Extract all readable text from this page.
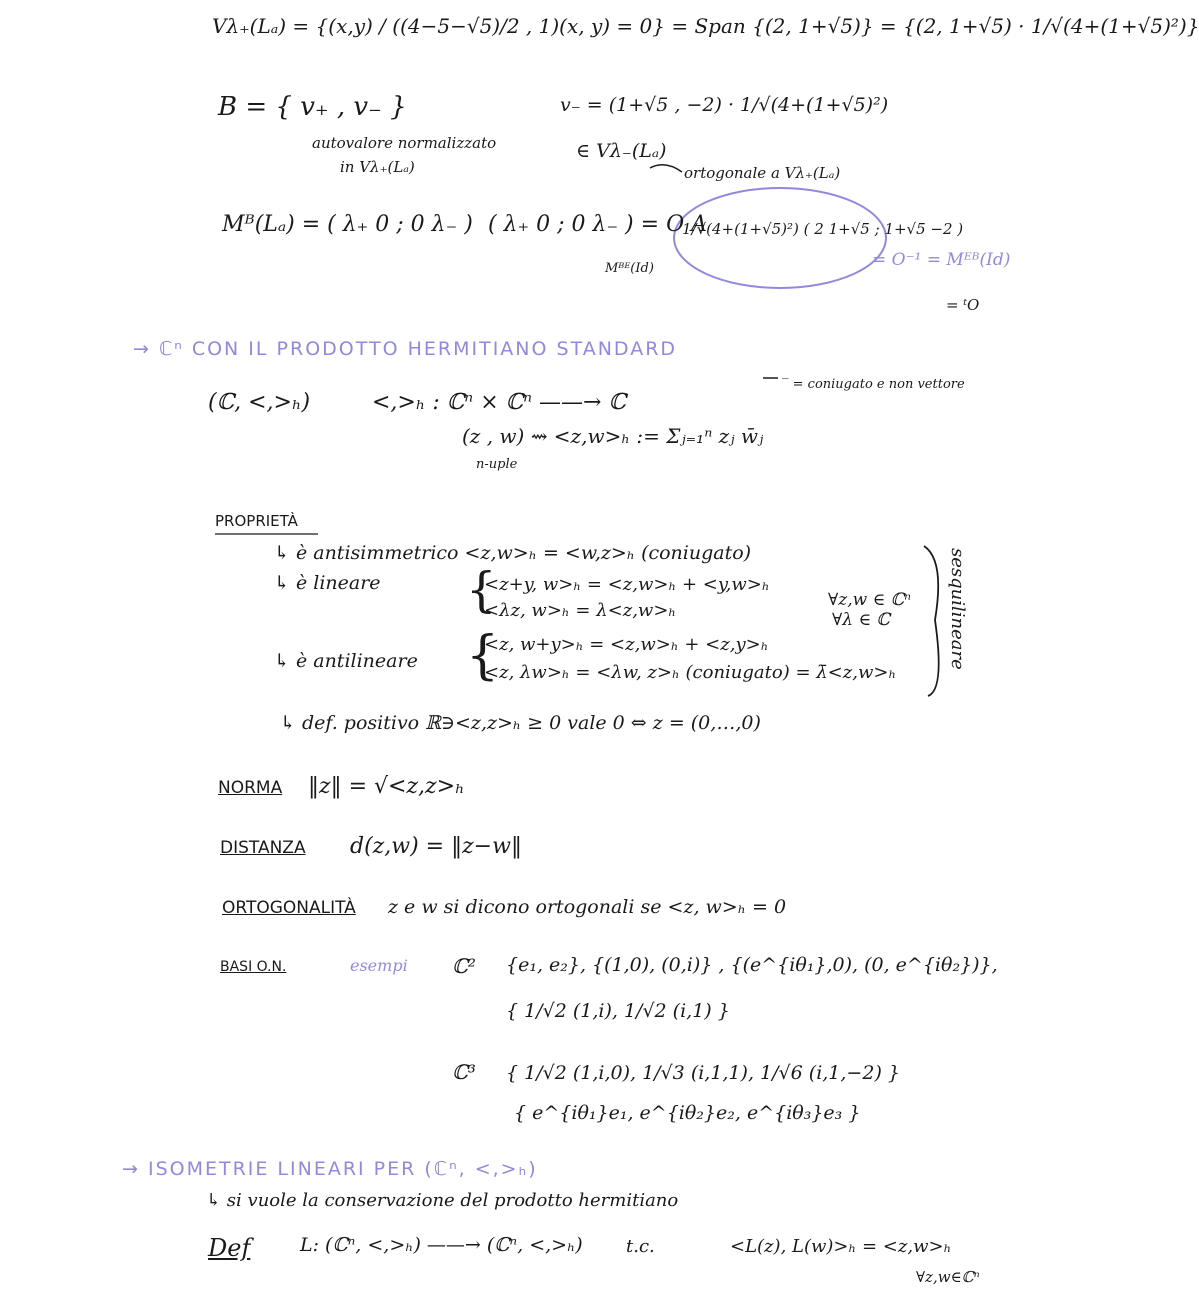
Vλ₊(Lₐ) = {(x,y) / ((4−5−√5)/2 , 1)(x, y) = 0} = Span {(2, 1+√5)} = {(2, 1+√5) · 1/√(4+(1+√5)²)}
B = { v₊ , v₋ }
autovalore normalizzato
in Vλ₊(Lₐ)
v₋ = (1+√5 , −2) · 1/√(4+(1+√5)²)
∈ Vλ₋(Lₐ)
ortogonale a Vλ₊(Lₐ)
Mᴮ(Lₐ) = ( λ₊ 0 ; 0 λ₋ ) ( λ₊ 0 ; 0 λ₋ ) = O A
1/√(4+(1+√5)²) ( 2 1+√5 ; 1+√5 −2 )
Mᴮᴱ(Id)	= O⁻¹ = Mᴱᴮ(Id)
= ᵗO
→ ℂⁿ CON IL PRODOTTO HERMITIANO STANDARD
(ℂ, <,>ₕ)	<,>ₕ : ℂⁿ × ℂⁿ ——→ ℂ
‾ = coniugato e non vettore
(z , w) ⇝ <z,w>ₕ := Σⱼ₌₁ⁿ zⱼ w̄ⱼ
n-uple
PROPRIETÀ
↳ è antisimmetrico <z,w>ₕ = <w,z>ₕ (coniugato)
↳ è lineare {
<z+y, w>ₕ = <z,w>ₕ + <y,w>ₕ
<λz, w>ₕ = λ<z,w>ₕ	∀z,w ∈ ℂⁿ
∀λ ∈ ℂ
↳ è antilineare {
<z, w+y>ₕ = <z,w>ₕ + <z,y>ₕ
<z, λw>ₕ = <λw, z>ₕ (coniugato) = λ̄<z,w>ₕ
sesquilineare
↳ def. positivo ℝ∋<z,z>ₕ ≥ 0 vale 0 ⇔ z = (0,…,0)
NORMA ‖z‖ = √<z,z>ₕ
DISTANZA d(z,w) = ‖z−w‖
ORTOGONALITÀ z e w si dicono ortogonali se <z, w>ₕ = 0
BASI O.N.	esempi ℂ² {e₁, e₂}, {(1,0), (0,i)} , {(e^{iθ₁},0), (0, e^{iθ₂})},
{ 1/√2 (1,i), 1/√2 (i,1) }
ℂ³ { 1/√2 (1,i,0), 1/√3 (i,1,1), 1/√6 (i,1,−2) }
{ e^{iθ₁}e₁, e^{iθ₂}e₂, e^{iθ₃}e₃ }
→ ISOMETRIE LINEARI PER (ℂⁿ, <,>ₕ)
↳ si vuole la conservazione del prodotto hermitiano
Def	L: (ℂⁿ, <,>ₕ) ——→ (ℂⁿ, <,>ₕ) t.c.	<L(z), L(w)>ₕ = <z,w>ₕ
∀z,w∈ℂⁿ
